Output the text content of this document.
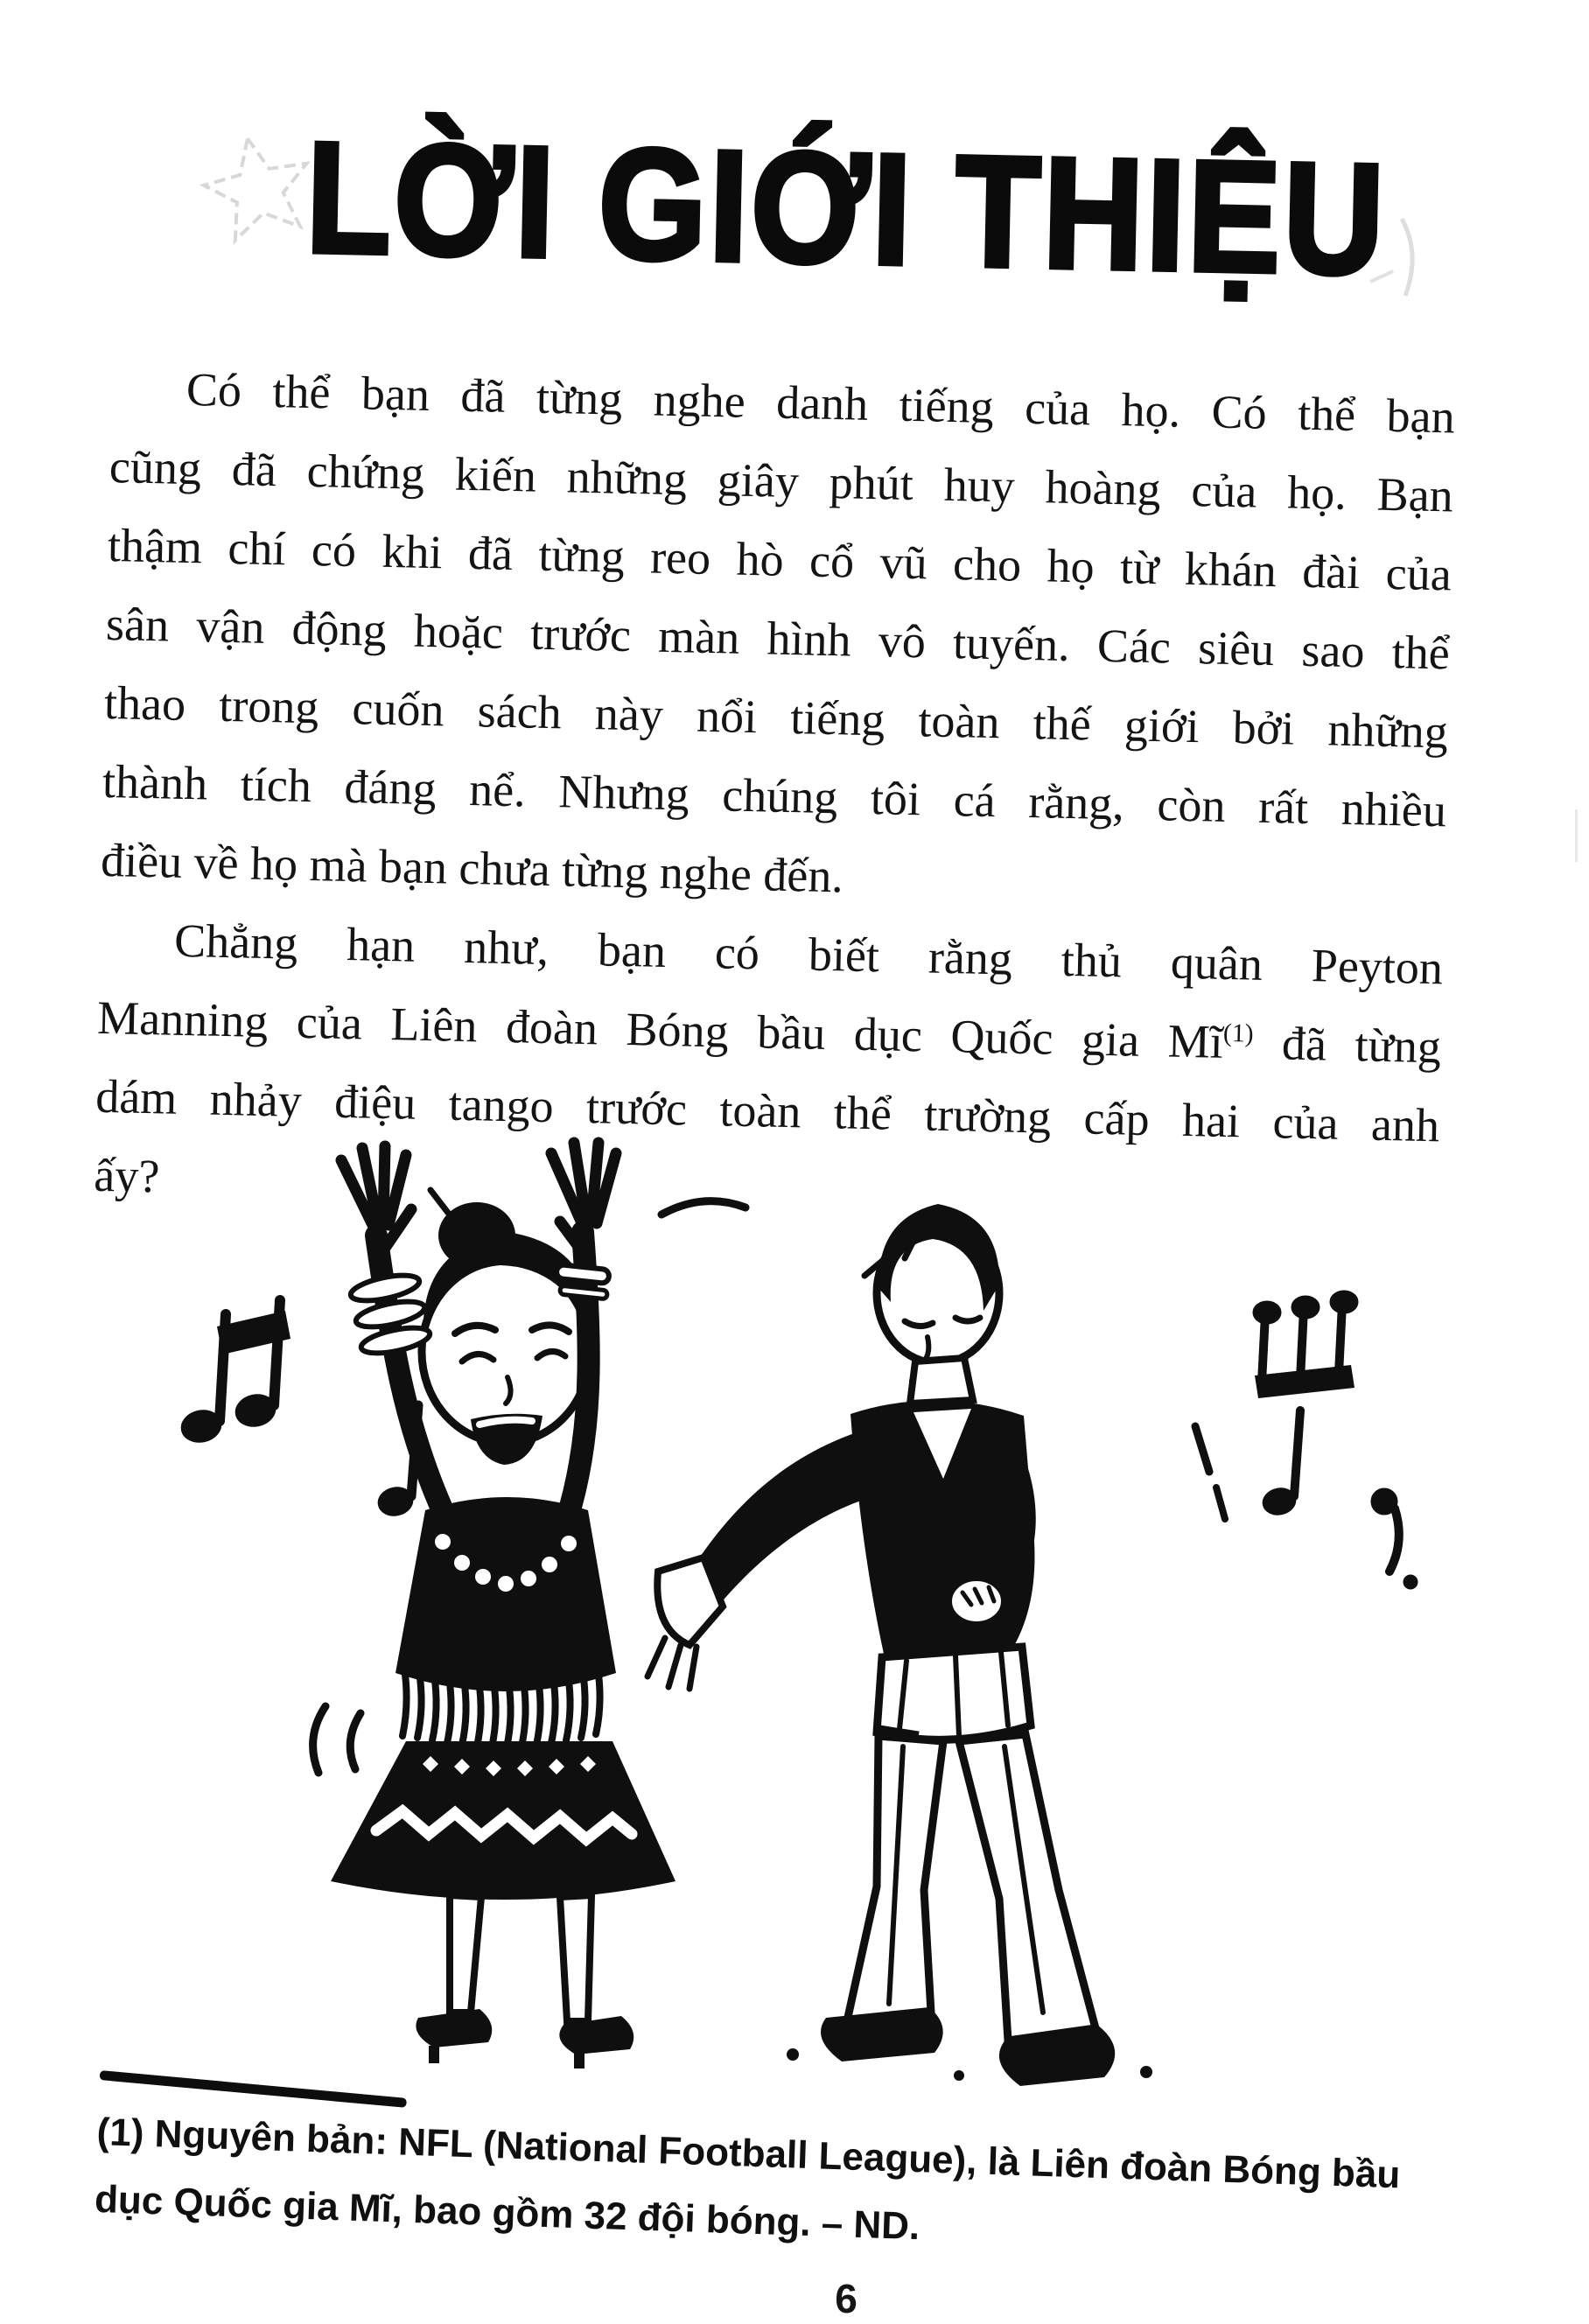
LỜI GIỚI THIỆU
Có thể bạn đã từng nghe danh tiếng của họ. Có thể bạn
cũng đã chứng kiến những giây phút huy hoàng của họ. Bạn
thậm chí có khi đã từng reo hò cổ vũ cho họ từ khán đài của
sân vận động hoặc trước màn hình vô tuyến. Các siêu sao thể
thao trong cuốn sách này nổi tiếng toàn thế giới bởi những
thành tích đáng nể. Nhưng chúng tôi cá rằng, còn rất nhiều
điều về họ mà bạn chưa từng nghe đến.
Chẳng hạn như, bạn có biết rằng thủ quân Peyton
Manning của Liên đoàn Bóng bầu dục Quốc gia Mĩ$^{(1)}$ đã từng
dám nhảy điệu tango trước toàn thể trường cấp hai của anh
ấy?
(1) Nguyên bản: NFL (National Football League), là Liên đoàn Bóng bầu
dục Quốc gia Mĩ, bao gồm 32 đội bóng. – ND.
6
